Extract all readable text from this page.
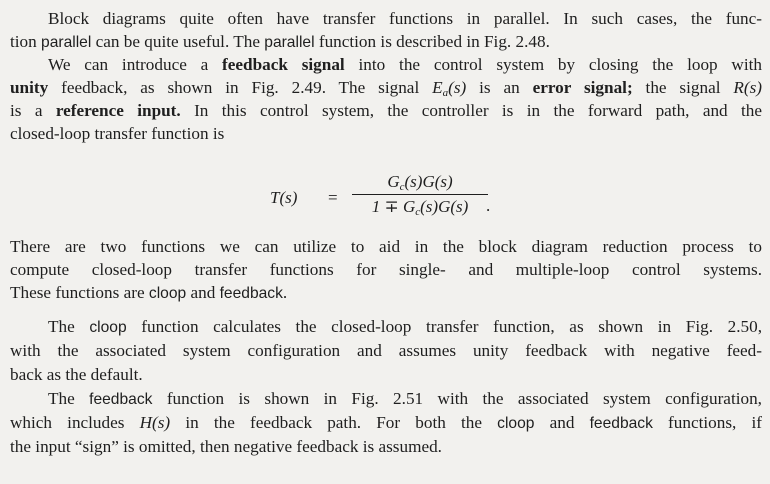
Block diagrams quite often have transfer functions in parallel. In such cases, the func-
tion parallel can be quite useful. The parallel function is described in Fig. 2.48.
We can introduce a feedback signal into the control system by closing the loop with
unity feedback, as shown in Fig. 2.49. The signal $E_a(s)$ is an error signal; the signal R(s)
is a reference input. In this control system, the controller is in the forward path, and the
closed-loop transfer function is
T(s) =
$G_c(s)G(s)$
$1 \mp G_c(s)G(s)$	.
There are two functions we can utilize to aid in the block diagram reduction process to
compute closed-loop transfer functions for single- and multiple-loop control systems.
These functions are cloop and feedback.
The cloop function calculates the closed-loop transfer function, as shown in Fig. 2.50,
with the associated system configuration and assumes unity feedback with negative feed-
back as the default.
The feedback function is shown in Fig. 2.51 with the associated system configuration,
which includes H(s) in the feedback path. For both the cloop and feedback functions, if
the input “sign” is omitted, then negative feedback is assumed.
